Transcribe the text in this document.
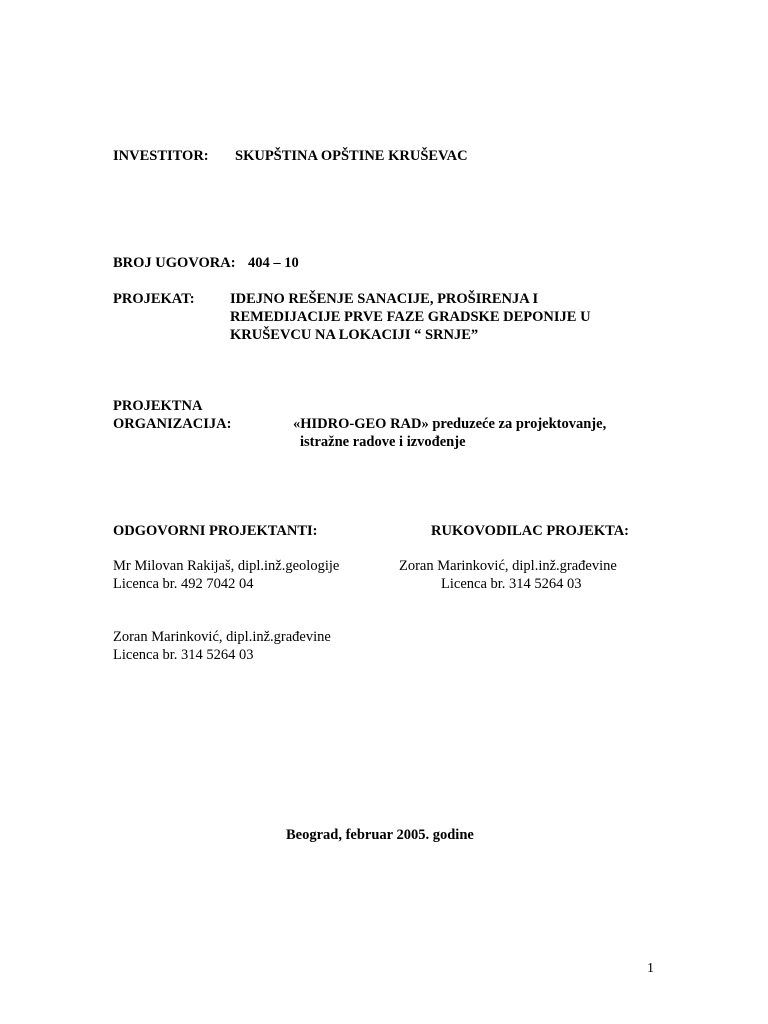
INVESTITOR: SKUPŠTINA OPŠTINE KRUŠEVAC
BROJ UGOVORA: 404 – 10
PROJEKAT: IDEJNO REŠENJE SANACIJE, PROŠIRENJA I
REMEDIJACIJE PRVE FAZE GRADSKE DEPONIJE U
KRUŠEVCU NA LOKACIJI “ SRNJE”
PROJEKTNA
ORGANIZACIJA:	«HIDRO-GEO RAD» preduzeće za projektovanje,
istražne radove i izvođenje
ODGOVORNI PROJEKTANTI:	RUKOVODILAC PROJEKTA:
Mr Milovan Rakijaš, dipl.inž.geologije
Licenca br. 492 7042 04
Zoran Marinković, dipl.inž.građevine
Licenca br. 314 5264 03
Zoran Marinković, dipl.inž.građevine
Licenca br. 314 5264 03
Beograd, februar 2005. godine
1
